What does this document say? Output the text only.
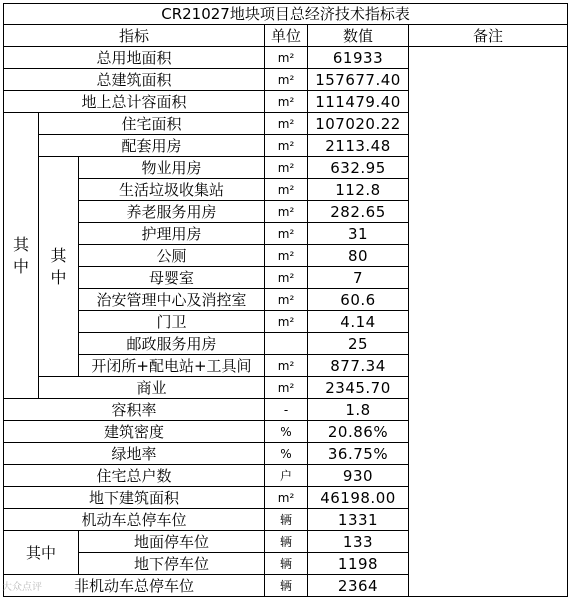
CR21027地块项目总经济技术指标表					
指标			单位	数值	备注
总用地面积			m²	61933	
总建筑面积			m²	157677.40	
地上总计容面积			m²	111479.40	
其中	住宅面积		m²	107020.22	
	配套用房		m²	2113.48	
	其中	物业用房	m²	632.95	
		生活垃圾收集站	m²	112.8	
		养老服务用房	m²	282.65	
		护理用房	m²	31	
		公厕	m²	80	
		母婴室	m²	7	
		治安管理中心及消控室	m²	60.6	
		门卫	m²	4.14	
		邮政服务用房		25	
		开闭所+配电站+工具间	m²	877.34	
	商业		m²	2345.70	
容积率			-	1.8	
建筑密度			%	20.86%	
绿地率			%	36.75%	
住宅总户数			户	930	
地下建筑面积			m²	46198.00	
机动车总停车位			辆	1331	
其中		地面停车位	辆	133	
		地下停车位	辆	1198	
非机动车总停车位			辆	2364	
大众点评
